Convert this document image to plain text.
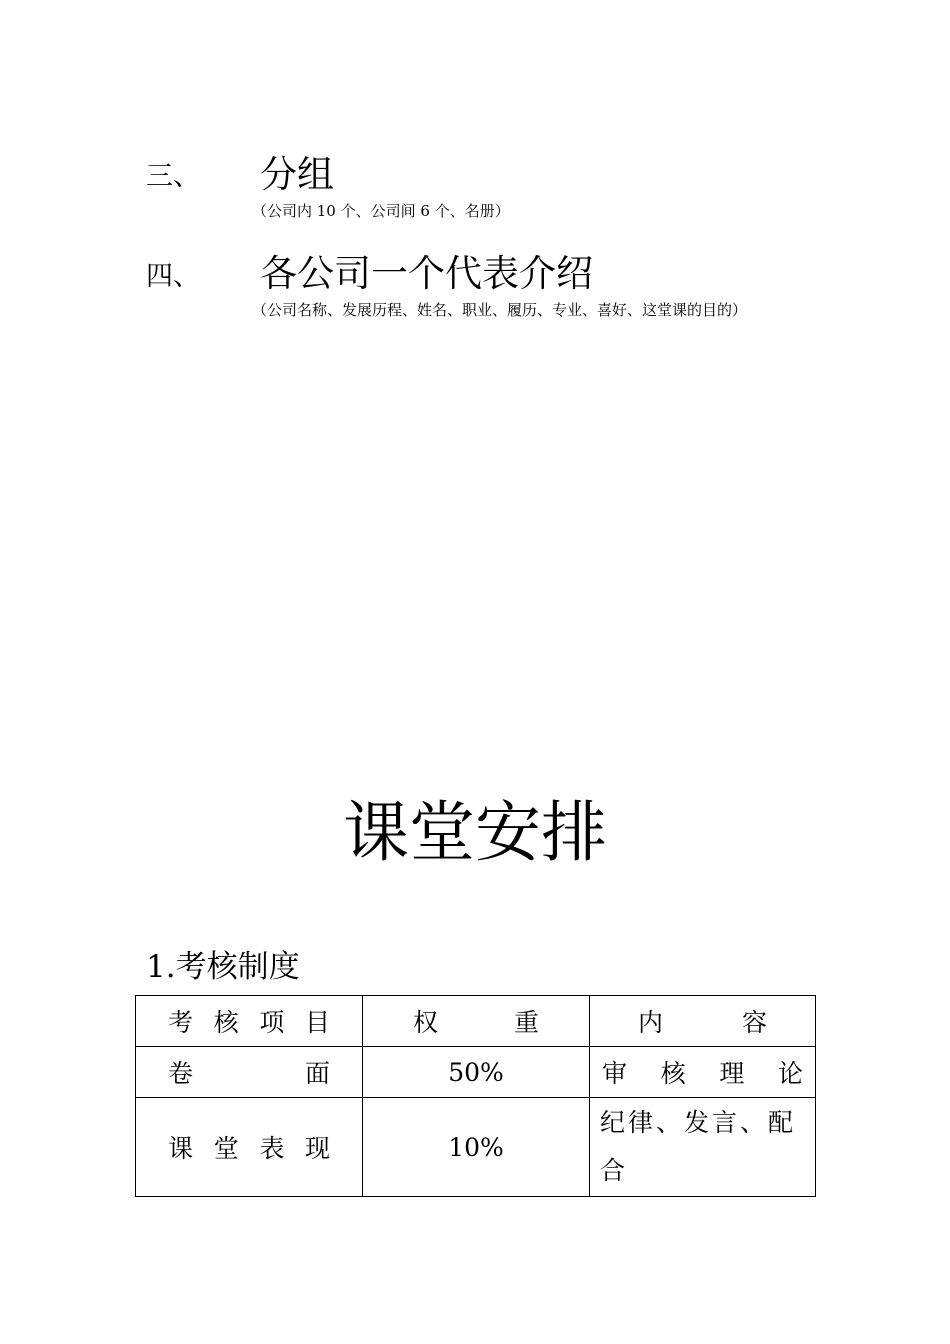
三、 分组
（公司内 10 个、公司间 6 个、名册）
四、 各公司一个代表介绍
（公司名称、发展历程、姓名、职业、履历、专业、喜好、这堂课的目的）
课堂安排
1.考核制度
考 核 项 目	权 重	内 容

卷 面	50%	审 核 理 论

课 堂 表 现	10%	纪律、发言、配合
